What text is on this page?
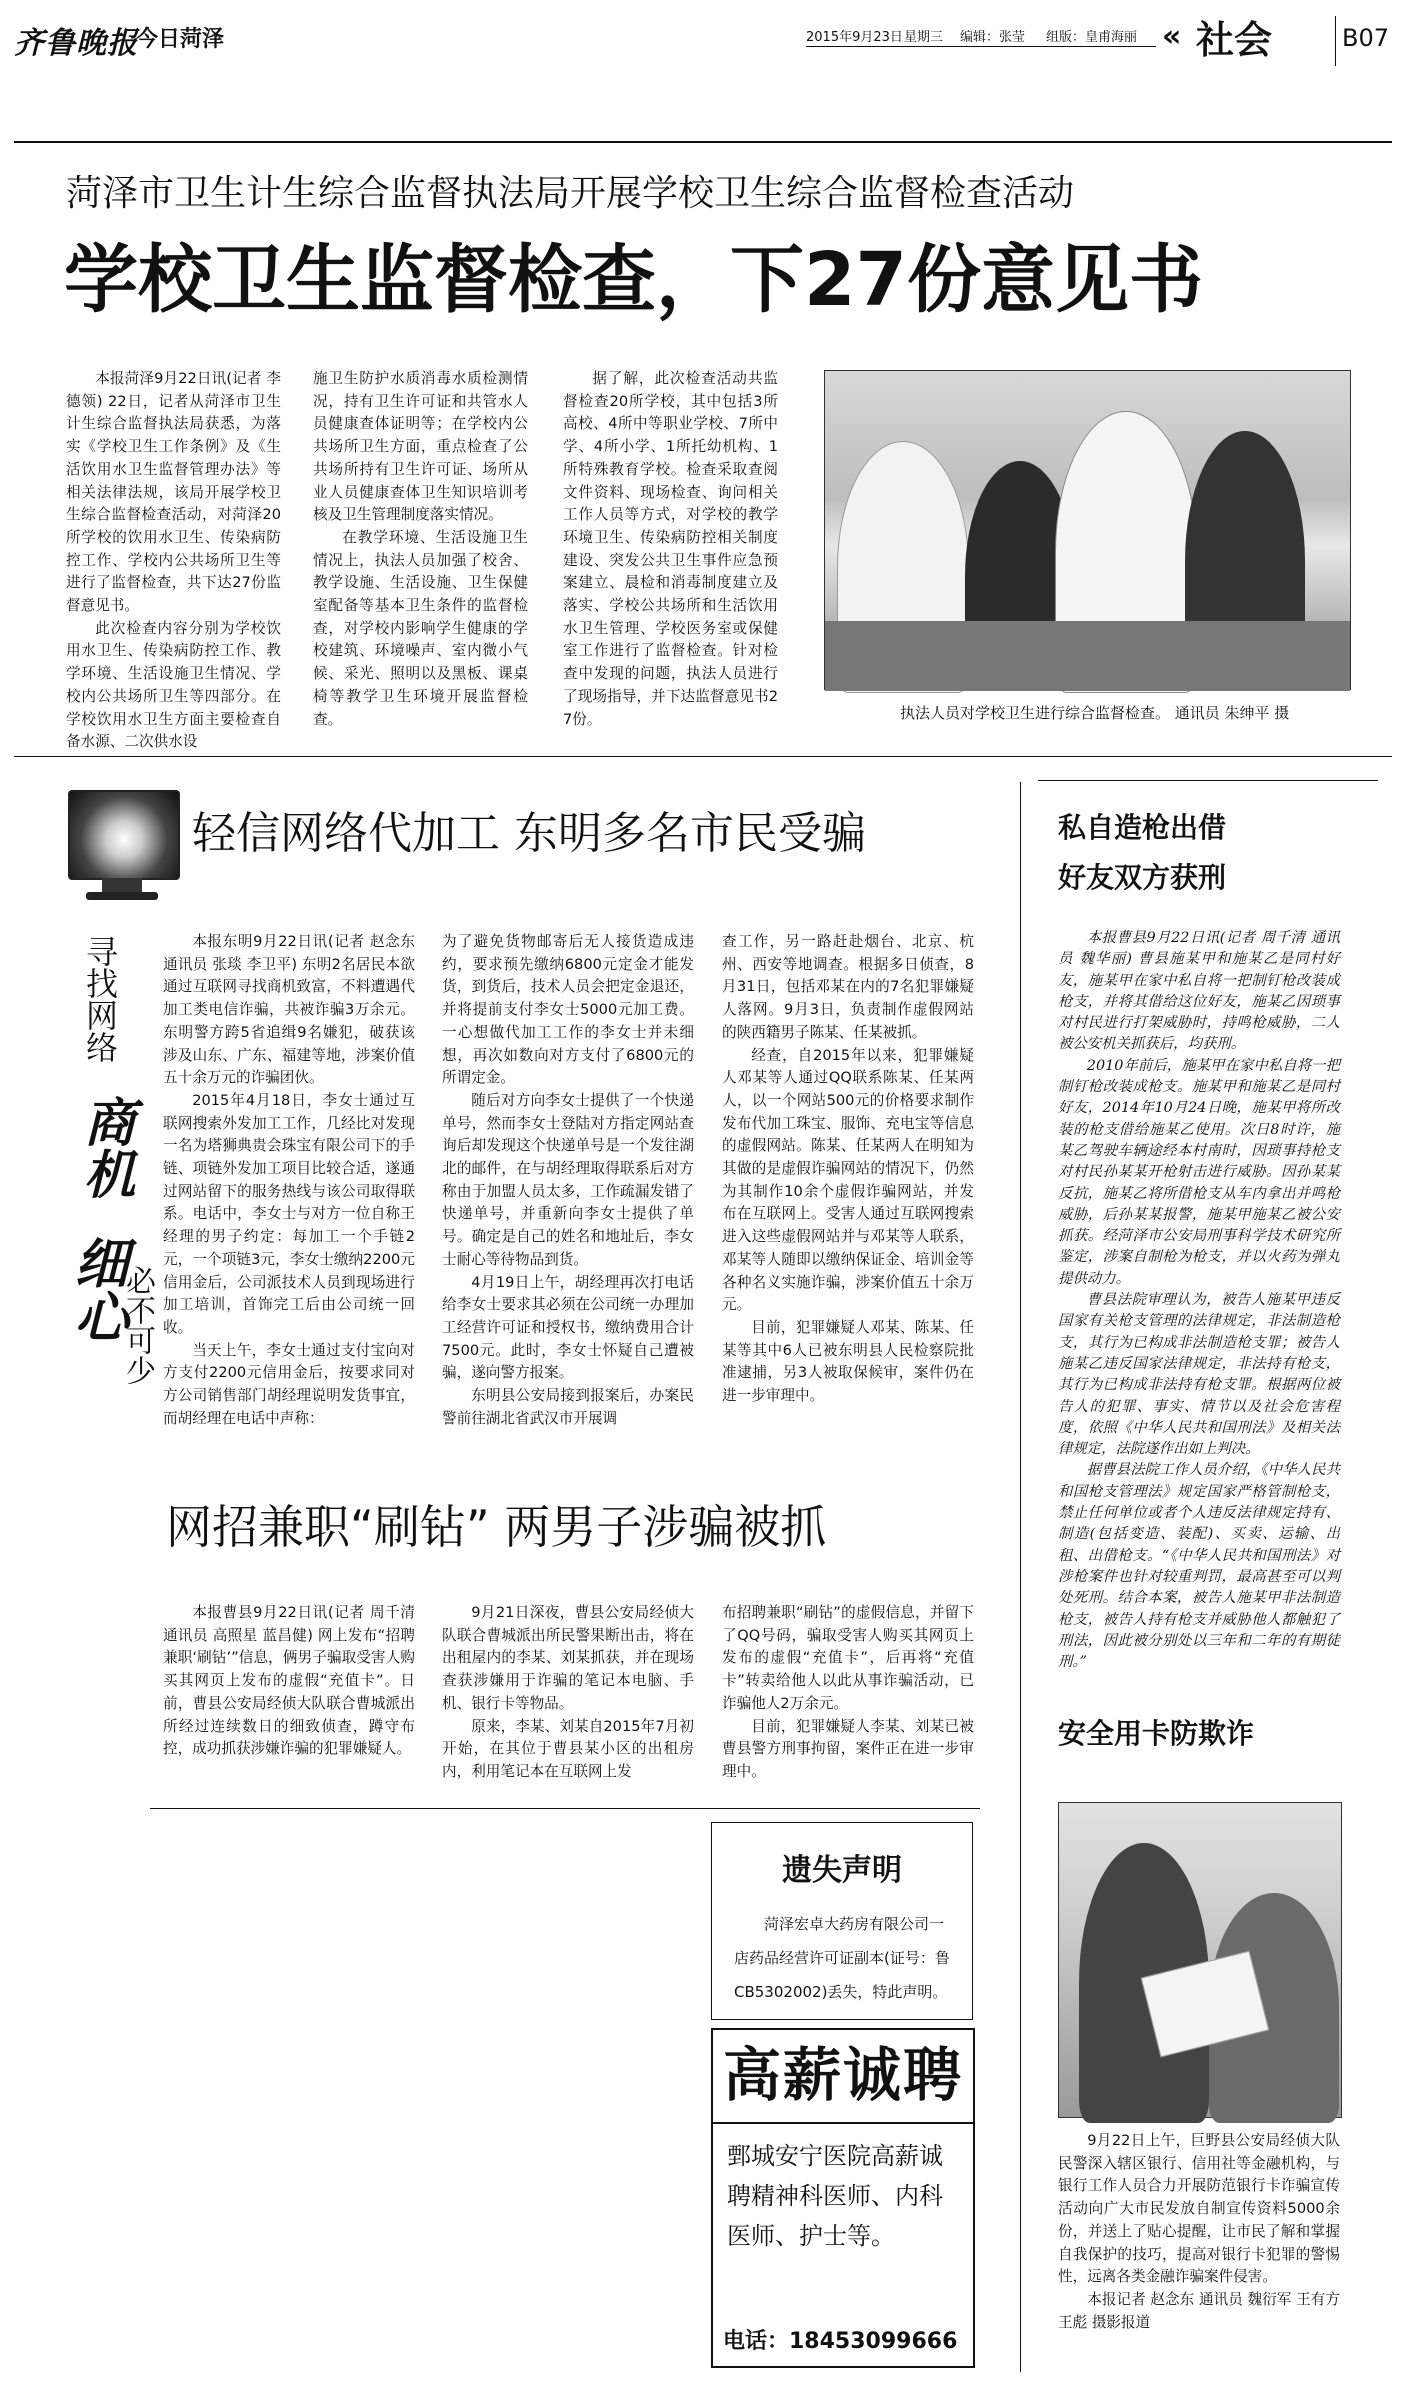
齐鲁晚报
今日菏泽	2015年9月23日 星期三 编辑：张莹 组版：皇甫海丽 « 社会	B07
菏泽市卫生计生综合监督执法局开展学校卫生综合监督检查活动
学校卫生监督检查，下27份意见书

本报菏泽9月22日讯(记者 李德领) 22日，记者从菏泽市卫生计生综合监督执法局获悉，为落实《学校卫生工作条例》及《生活饮用水卫生监督管理办法》等相关法律法规，该局开展学校卫生综合监督检查活动，对菏泽20所学校的饮用水卫生、传染病防控工作、学校内公共场所卫生等进行了监督检查，共下达27份监督意见书。

此次检查内容分别为学校饮用水卫生、传染病防控工作、教学环境、生活设施卫生情况、学校内公共场所卫生等四部分。在学校饮用水卫生方面主要检查自备水源、二次供水设

施卫生防护水质消毒水质检测情况，持有卫生许可证和共管水人员健康查体证明等；在学校内公共场所卫生方面，重点检查了公共场所持有卫生许可证、场所从业人员健康查体卫生知识培训考核及卫生管理制度落实情况。

在教学环境、生活设施卫生情况上，执法人员加强了校舍、教学设施、生活设施、卫生保健室配备等基本卫生条件的监督检查，对学校内影响学生健康的学校建筑、环境噪声、室内微小气候、采光、照明以及黑板、课桌椅等教学卫生环境开展监督检查。

据了解，此次检查活动共监督检查20所学校，其中包括3所高校、4所中等职业学校、7所中学、4所小学、1所托幼机构、1所特殊教育学校。检查采取查阅文件资料、现场检查、询问相关工作人员等方式，对学校的教学环境卫生、传染病防控相关制度建设、突发公共卫生事件应急预案建立、晨检和消毒制度建立及落实、学校公共场所和生活饮用水卫生管理、学校医务室或保健室工作进行了监督检查。针对检查中发现的问题，执法人员进行了现场指导，并下达监督意见书27份。	执法人员对学校卫生进行综合监督检查。 通讯员 朱绅平 摄
轻信网络代加工 东明多名市民受骗
寻找网络
商机
细心
必不可少

本报东明9月22日讯(记者 赵念东 通讯员 张琰 李卫平) 东明2名居民本欲通过互联网寻找商机致富，不料遭遇代加工类电信诈骗，共被诈骗3万余元。东明警方跨5省追缉9名嫌犯，破获该涉及山东、广东、福建等地，涉案价值五十余万元的诈骗团伙。

2015年4月18日，李女士通过互联网搜索外发加工工作，几经比对发现一名为塔狮典贵会珠宝有限公司下的手链、项链外发加工项目比较合适，遂通过网站留下的服务热线与该公司取得联系。电话中，李女士与对方一位自称王经理的男子约定：每加工一个手链2元，一个项链3元，李女士缴纳2200元信用金后，公司派技术人员到现场进行加工培训，首饰完工后由公司统一回收。

当天上午，李女士通过支付宝向对方支付2200元信用金后，按要求同对方公司销售部门胡经理说明发货事宜，而胡经理在电话中声称：

为了避免货物邮寄后无人接货造成违约，要求预先缴纳6800元定金才能发货，到货后，技术人员会把定金退还，并将提前支付李女士5000元加工费。一心想做代加工工作的李女士并未细想，再次如数向对方支付了6800元的所谓定金。

随后对方向李女士提供了一个快递单号，然而李女士登陆对方指定网站查询后却发现这个快递单号是一个发往湖北的邮件，在与胡经理取得联系后对方称由于加盟人员太多，工作疏漏发错了快递单号，并重新向李女士提供了单号。确定是自己的姓名和地址后，李女士耐心等待物品到货。

4月19日上午，胡经理再次打电话给李女士要求其必须在公司统一办理加工经营许可证和授权书，缴纳费用合计7500元。此时，李女士怀疑自己遭被骗，遂向警方报案。

东明县公安局接到报案后，办案民警前往湖北省武汉市开展调

查工作，另一路赶赴烟台、北京、杭州、西安等地调查。根据多日侦查，8月31日，包括邓某在内的7名犯罪嫌疑人落网。9月3日，负责制作虚假网站的陕西籍男子陈某、任某被抓。

经查，自2015年以来，犯罪嫌疑人邓某等人通过QQ联系陈某、任某两人，以一个网站500元的价格要求制作发布代加工珠宝、服饰、充电宝等信息的虚假网站。陈某、任某两人在明知为其做的是虚假诈骗网站的情况下，仍然为其制作10余个虚假诈骗网站，并发布在互联网上。受害人通过互联网搜索进入这些虚假网站并与邓某等人联系，邓某等人随即以缴纳保证金、培训金等各种名义实施诈骗，涉案价值五十余万元。

目前，犯罪嫌疑人邓某、陈某、任某等其中6人已被东明县人民检察院批准逮捕，另3人被取保候审，案件仍在进一步审理中。

网招兼职“刷钻” 两男子涉骗被抓

本报曹县9月22日讯(记者 周千清 通讯员 高照星 蓝昌健) 网上发布“招聘兼职‘刷钻’”信息，俩男子骗取受害人购买其网页上发布的虚假“充值卡”。日前，曹县公安局经侦大队联合曹城派出所经过连续数日的细致侦查，蹲守布控，成功抓获涉嫌诈骗的犯罪嫌疑人。

9月21日深夜，曹县公安局经侦大队联合曹城派出所民警果断出击，将在出租屋内的李某、刘某抓获，并在现场查获涉嫌用于诈骗的笔记本电脑、手机、银行卡等物品。

原来，李某、刘某自2015年7月初开始，在其位于曹县某小区的出租房内，利用笔记本在互联网上发

布招聘兼职“刷钻”的虚假信息，并留下了QQ号码，骗取受害人购买其网页上发布的虚假“充值卡”，后再将“充值卡”转卖给他人以此从事诈骗活动，已诈骗他人2万余元。

目前，犯罪嫌疑人李某、刘某已被曹县警方刑事拘留，案件正在进一步审理中。

遗失声明
菏泽宏卓大药房有限公司一店药品经营许可证副本(证号：鲁CB5302002)丢失，特此声明。
高薪诚聘
鄄城安宁医院高薪诚聘精神科医师、内科医师、护士等。
电话：18453099666
私自造枪出借
好友双方获刑

本报曹县9月22日讯(记者 周千清 通讯员 魏华丽) 曹县施某甲和施某乙是同村好友，施某甲在家中私自将一把制钉枪改装成枪支，并将其借给这位好友，施某乙因琐事对村民进行打架威胁时，持鸣枪威胁，二人被公安机关抓获后，均获刑。

2010年前后，施某甲在家中私自将一把制钉枪改装成枪支。施某甲和施某乙是同村好友，2014年10月24日晚，施某甲将所改装的枪支借给施某乙使用。次日8时许，施某乙驾驶车辆途经本村南时，因琐事持枪支对村民孙某某开枪射击进行威胁。因孙某某反抗，施某乙将所借枪支从车内拿出并鸣枪威胁，后孙某某报警，施某甲施某乙被公安抓获。经菏泽市公安局刑事科学技术研究所鉴定，涉案自制枪为枪支，并以火药为弹丸提供动力。

曹县法院审理认为，被告人施某甲违反国家有关枪支管理的法律规定，非法制造枪支，其行为已构成非法制造枪支罪；被告人施某乙违反国家法律规定，非法持有枪支，其行为已构成非法持有枪支罪。根据两位被告人的犯罪、事实、情节以及社会危害程度，依照《中华人民共和国刑法》及相关法律规定，法院遂作出如上判决。

据曹县法院工作人员介绍，《中华人民共和国枪支管理法》规定国家严格管制枪支，禁止任何单位或者个人违反法律规定持有、制造(包括变造、装配)、买卖、运输、出租、出借枪支。“《中华人民共和国刑法》对涉枪案件也针对较重判罚，最高甚至可以判处死刑。结合本案，被告人施某甲非法制造枪支，被告人持有枪支并威胁他人都触犯了刑法，因此被分别处以三年和二年的有期徒刑。”

安全用卡防欺诈

9月22日上午，巨野县公安局经侦大队民警深入辖区银行、信用社等金融机构，与银行工作人员合力开展防范银行卡诈骗宣传活动向广大市民发放自制宣传资料5000余份，并送上了贴心提醒，让市民了解和掌握自我保护的技巧，提高对银行卡犯罪的警惕性，远离各类金融诈骗案件侵害。

本报记者 赵念东 通讯员 魏衍军 王有方 王彪 摄影报道
